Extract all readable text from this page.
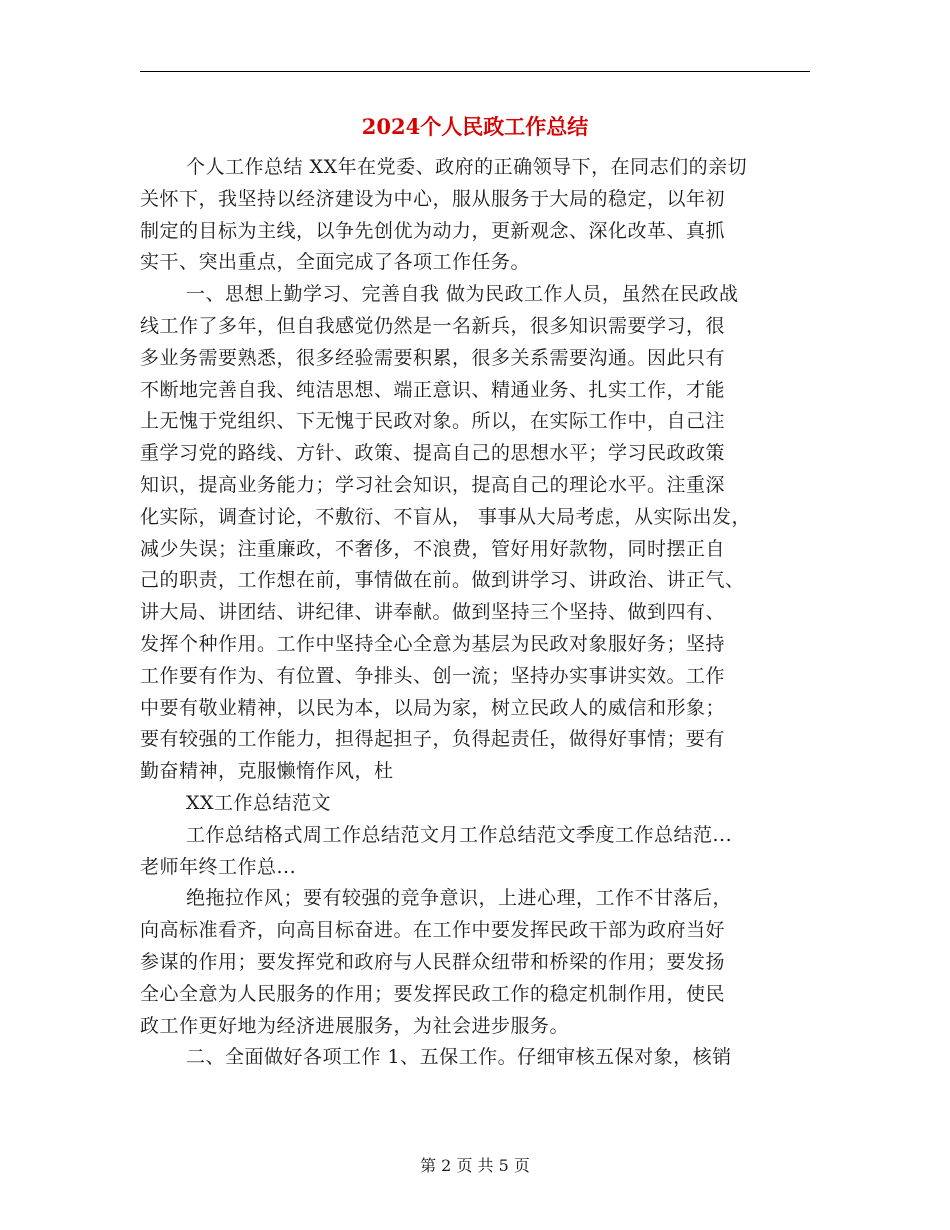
2024个人民政工作总结
个人工作总结 XX年在党委、政府的正确领导下，在同志们的亲切
关怀下，我坚持以经济建设为中心，服从服务于大局的稳定，以年初
制定的目标为主线，以争先创优为动力，更新观念、深化改革、真抓
实干、突出重点，全面完成了各项工作任务。
一、思想上勤学习、完善自我 做为民政工作人员，虽然在民政战
线工作了多年，但自我感觉仍然是一名新兵，很多知识需要学习，很
多业务需要熟悉，很多经验需要积累，很多关系需要沟通。因此只有
不断地完善自我、纯洁思想、端正意识、精通业务、扎实工作，才能
上无愧于党组织、下无愧于民政对象。所以，在实际工作中，自己注
重学习党的路线、方针、政策、提高自己的思想水平；学习民政政策
知识，提高业务能力；学习社会知识，提高自己的理论水平。注重深
化实际，调查讨论，不敷衍、不盲从， 事事从大局考虑，从实际出发，
减少失误；注重廉政，不奢侈，不浪费，管好用好款物，同时摆正自
己的职责，工作想在前，事情做在前。做到讲学习、讲政治、讲正气、
讲大局、讲团结、讲纪律、讲奉献。做到坚持三个坚持、做到四有、
发挥个种作用。工作中坚持全心全意为基层为民政对象服好务；坚持
工作要有作为、有位置、争排头、创一流；坚持办实事讲实效。工作
中要有敬业精神，以民为本，以局为家，树立民政人的威信和形象；
要有较强的工作能力，担得起担子，负得起责任，做得好事情；要有
勤奋精神，克服懒惰作风，杜
XX工作总结范文
工作总结格式周工作总结范文月工作总结范文季度工作总结范...
老师年终工作总...
绝拖拉作风；要有较强的竞争意识，上进心理，工作不甘落后，
向高标准看齐，向高目标奋进。在工作中要发挥民政干部为政府当好
参谋的作用；要发挥党和政府与人民群众纽带和桥梁的作用；要发扬
全心全意为人民服务的作用；要发挥民政工作的稳定机制作用，使民
政工作更好地为经济进展服务，为社会进步服务。
二、全面做好各项工作 1、五保工作。仔细审核五保对象，核销
第 2 页 共 5 页
